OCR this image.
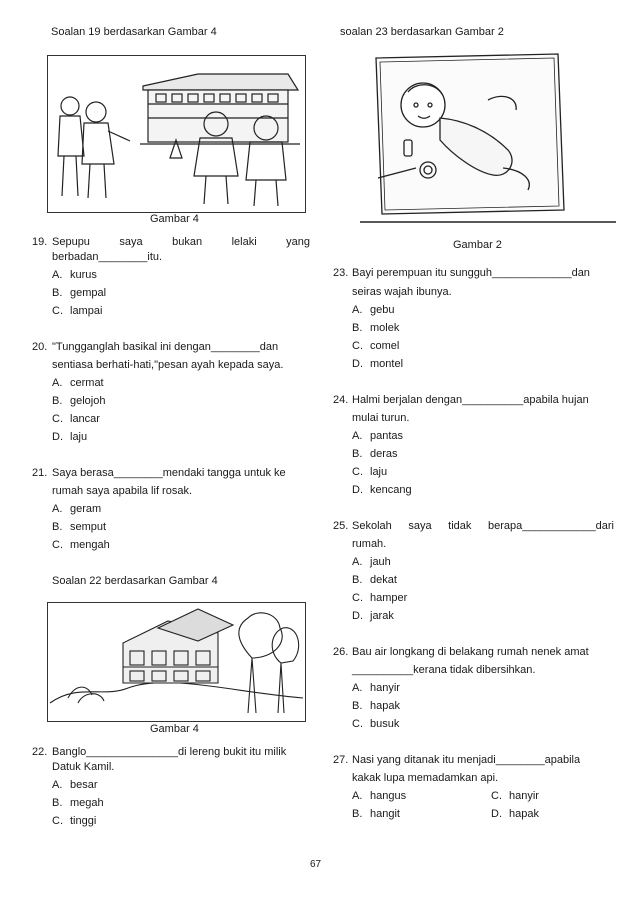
Soalan 19 berdasarkan Gambar 4
Gambar 4
19. Sepupu	saya	bukan	lelaki	yang
berbadan________itu.
A. kurus
B. gempal
C. lampai
20. "Tungganglah basikal ini dengan________dan
sentiasa berhati-hati,"pesan ayah kepada saya.
A. cermat
B. gelojoh
C. lancar
D. laju
21. Saya berasa________mendaki tangga untuk ke
rumah saya apabila lif rosak.
A. geram
B. semput
C. mengah
Soalan 22 berdasarkan Gambar 4
Gambar 4
22. Banglo_______________di lereng bukit itu milik
Datuk Kamil.
A. besar
B. megah
C. tinggi
soalan 23 berdasarkan Gambar 2
Gambar 2
23. Bayi perempuan itu sungguh_____________dan
seiras wajah ibunya.
A. gebu
B. molek
C. comel
D. montel
24. Halmi berjalan dengan__________apabila hujan
mulai turun.
A. pantas
B. deras
C. laju
D. kencang
25. Sekolah saya tidak berapa____________dari
rumah.
A. jauh
B. dekat
C. hamper
D. jarak
26. Bau air longkang di belakang rumah nenek amat
__________kerana tidak dibersihkan.
A. hanyir
B. hapak
C. busuk
27. Nasi yang ditanak itu menjadi________apabila
kakak lupa memadamkan api.
A. hangus	C. hanyir
B. hangit	D. hapak
67
